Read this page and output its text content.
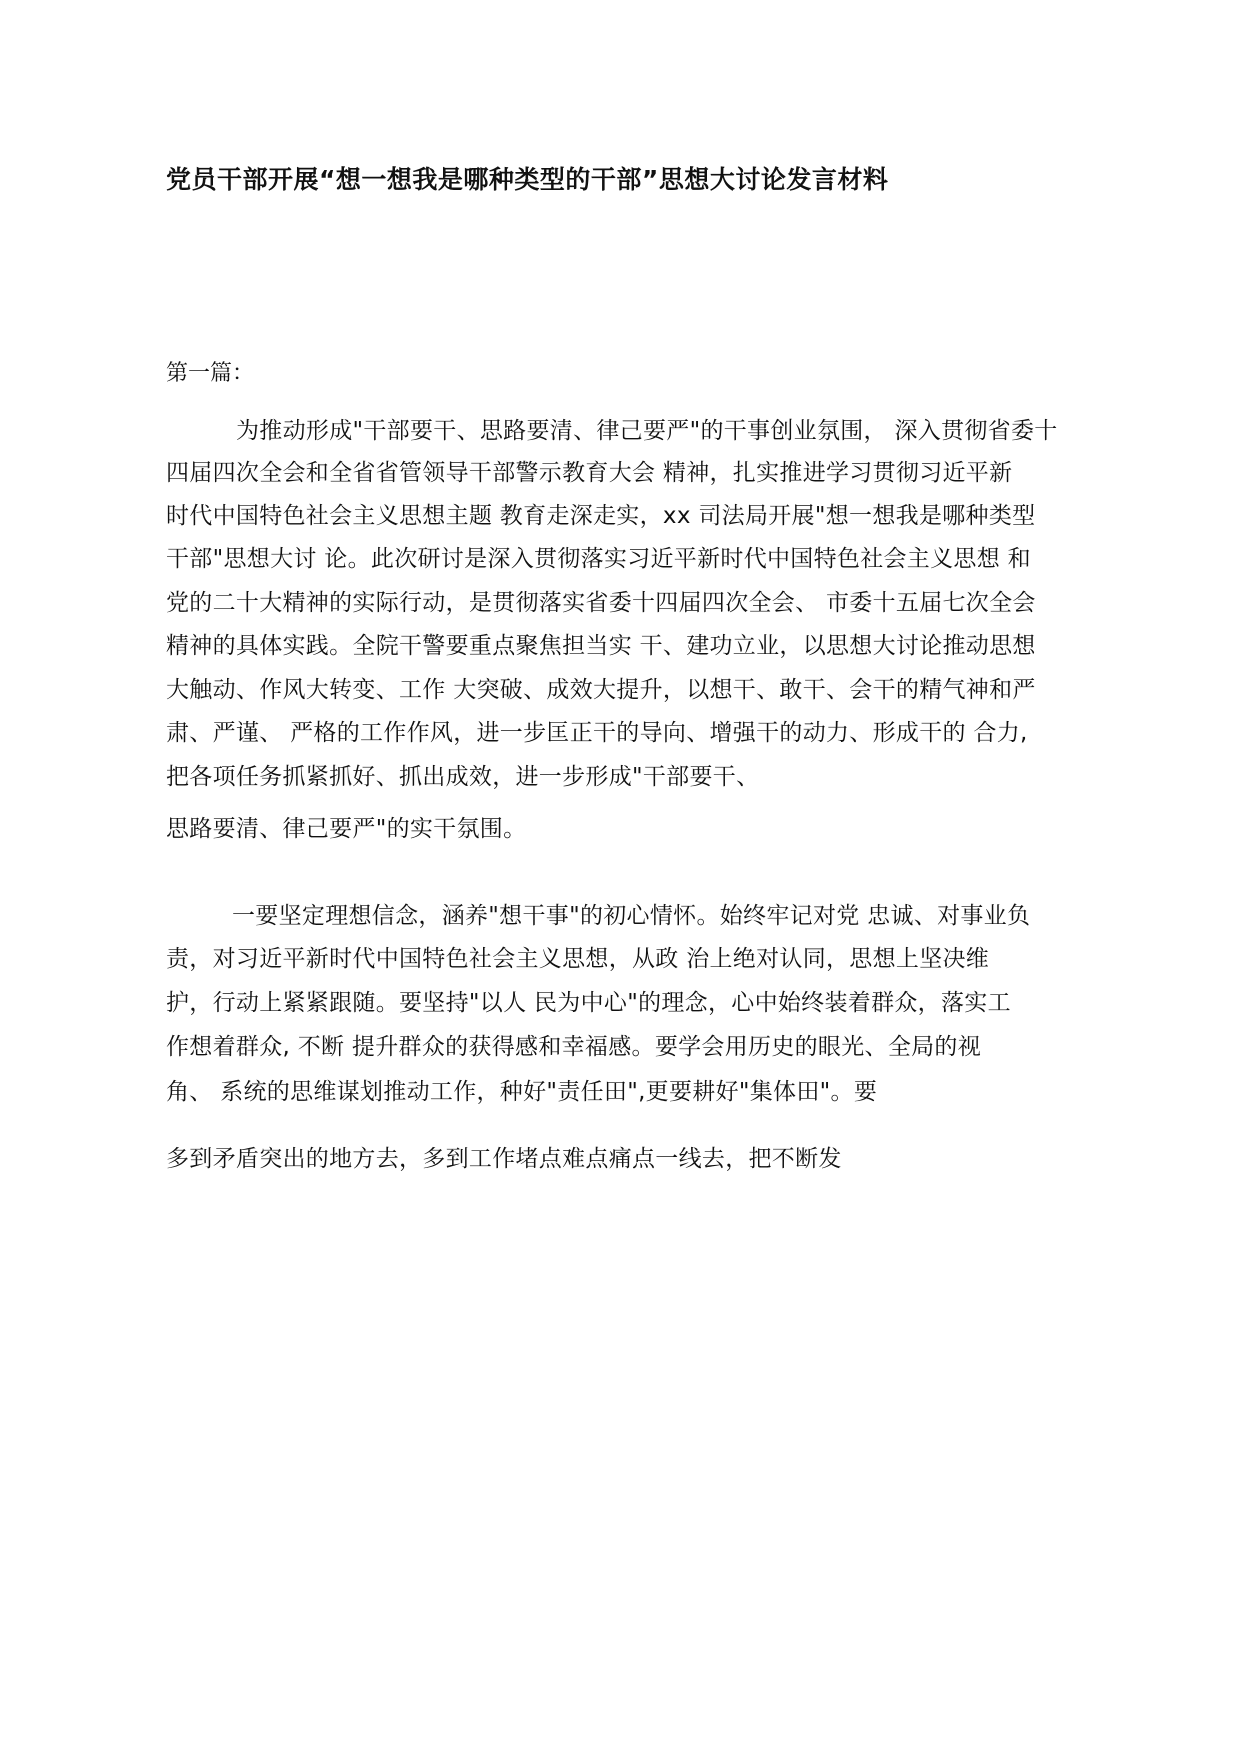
党员干部开展“想一想我是哪种类型的干部”思想大讨论发言材料
第一篇：
为推动形成"干部要干、思路要清、律己要严"的干事创业氛围， 深入贯彻省委十
四届四次全会和全省省管领导干部警示教育大会 精神，扎实推进学习贯彻习近平新
时代中国特色社会主义思想主题 教育走深走实，xx 司法局开展"想一想我是哪种类型
干部"思想大讨 论。此次研讨是深入贯彻落实习近平新时代中国特色社会主义思想 和
党的二十大精神的实际行动，是贯彻落实省委十四届四次全会、 市委十五届七次全会
精神的具体实践。全院干警要重点聚焦担当实 干、建功立业，以思想大讨论推动思想
大触动、作风大转变、工作 大突破、成效大提升，以想干、敢干、会干的精气神和严
肃、严谨、 严格的工作作风，进一步匡正干的导向、增强干的动力、形成干的 合力,
把各项任务抓紧抓好、抓出成效，进一步形成"干部要干、
思路要清、律己要严"的实干氛围。
一要坚定理想信念，涵养"想干事"的初心情怀。始终牢记对党 忠诚、对事业负
责，对习近平新时代中国特色社会主义思想，从政 治上绝对认同，思想上坚决维
护，行动上紧紧跟随。要坚持"以人 民为中心"的理念，心中始终装着群众，落实工
作想着群众, 不断 提升群众的获得感和幸福感。要学会用历史的眼光、全局的视
角、 系统的思维谋划推动工作，种好"责任田",更要耕好"集体田"。要
多到矛盾突出的地方去，多到工作堵点难点痛点一线去，把不断发
